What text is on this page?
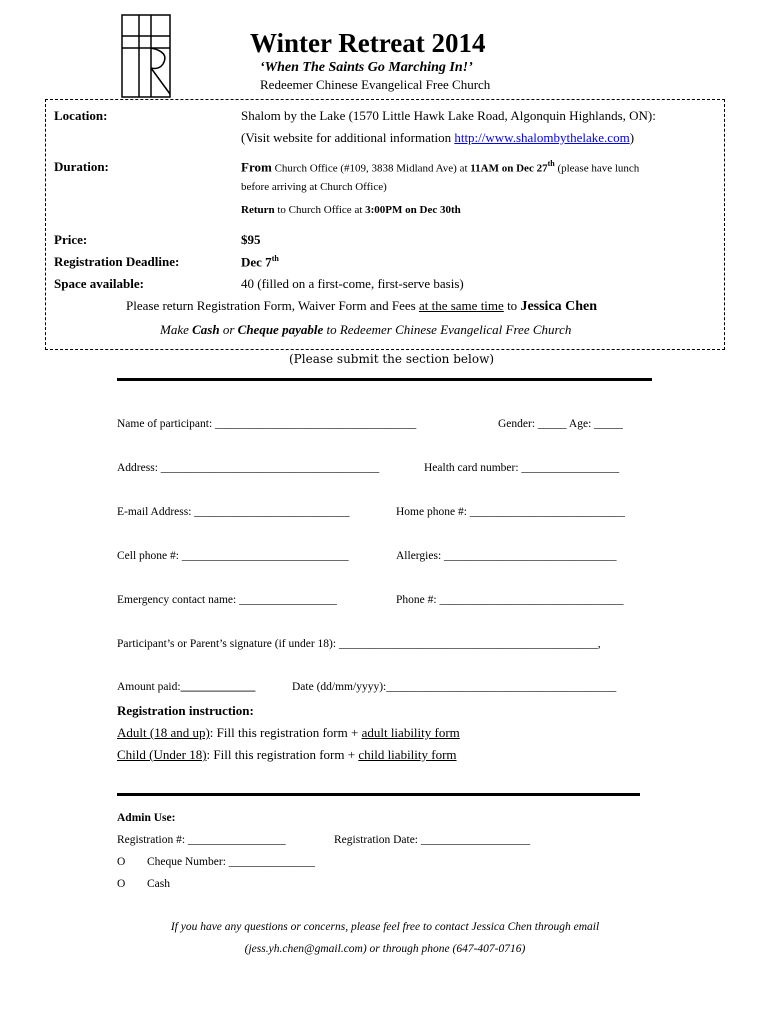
Winter Retreat 2014
‘When The Saints Go Marching In!’
Redeemer Chinese Evangelical Free Church
Location:	Shalom by the Lake (1570 Little Hawk Lake Road, Algonquin Highlands, ON):
(Visit website for additional information http://www.shalombythelake.com)
Duration:	From Church Office (#109, 3838 Midland Ave) at 11AM on Dec 27th (please have lunch
before arriving at Church Office)
Return to Church Office at 3:00PM on Dec 30th
Price:	$95
Registration Deadline:	Dec 7th
Space available:	40 (filled on a first-come, first-serve basis)
Please return Registration Form, Waiver Form and Fees at the same time to Jessica Chen
Make Cash or Cheque payable to Redeemer Chinese Evangelical Free Church
(Please submit the section below)
Name of participant: ___________________________________	Gender: _____ Age: _____
Address: ______________________________________	Health card number: _________________
E-mail Address: ___________________________	Home phone #: ___________________________
Cell phone #: _____________________________	Allergies: ______________________________
Emergency contact name: _________________	Phone #: ________________________________
Participant’s or Parent’s signature (if under 18): _____________________________________________,
Amount paid:_____________	Date (dd/mm/yyyy):________________________________________
Registration instruction:
Adult (18 and up): Fill this registration form + adult liability form
Child (Under 18): Fill this registration form + child liability form
Admin Use:
Registration #: _________________	Registration Date: ___________________
O Cheque Number: _______________
O Cash
If you have any questions or concerns, please feel free to contact Jessica Chen through email
(jess.yh.chen@gmail.com) or through phone (647-407-0716)
